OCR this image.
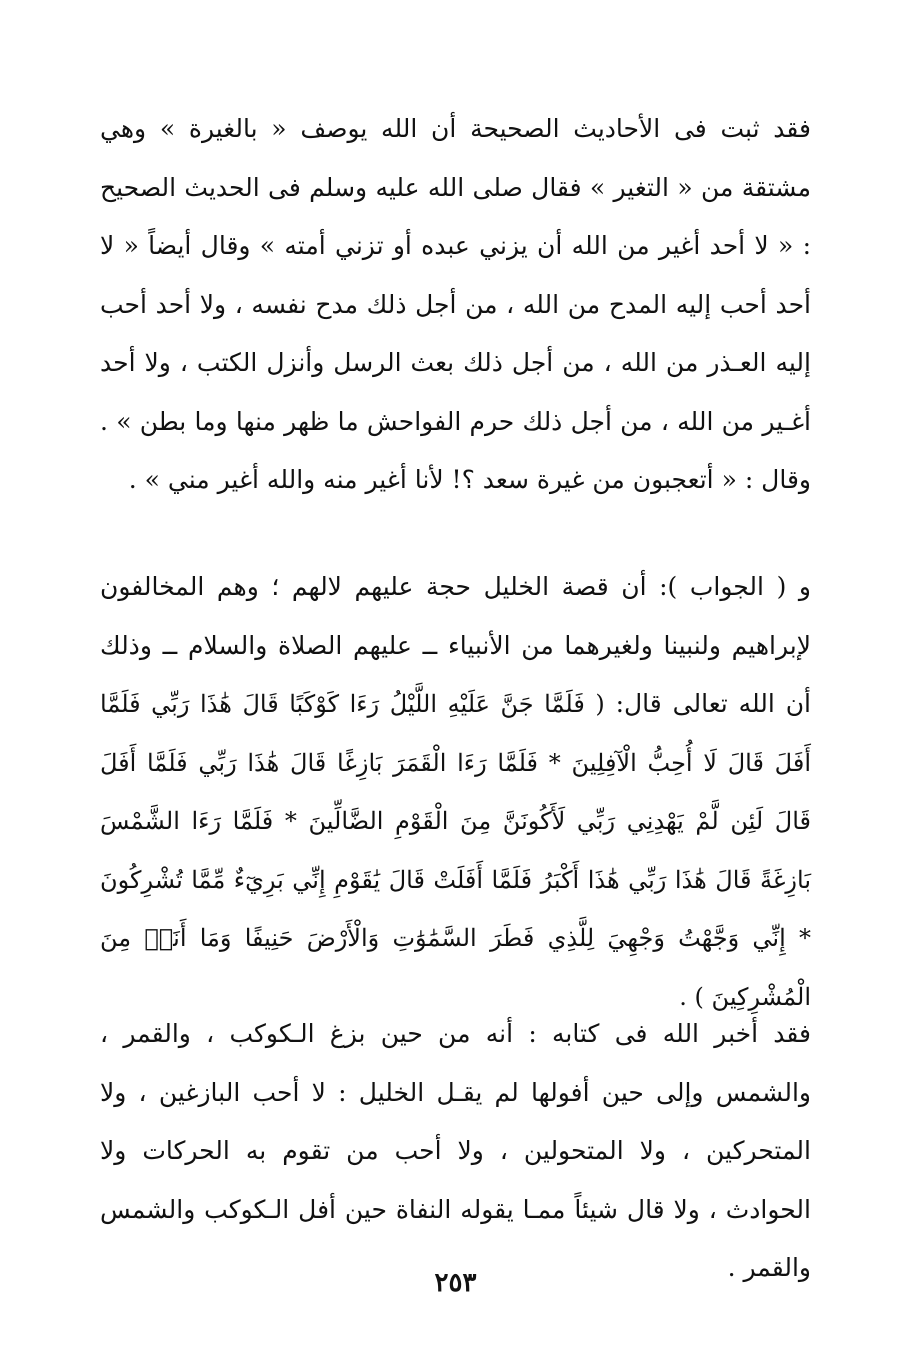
فقد ثبت فى الأحاديث الصحيحة أن الله يوصف « بالغيرة » وهي مشتقة من « التغير » فقال صلى الله عليه وسلم فى الحديث الصحيح : « لا أحد أغير من الله أن يزني عبده أو تزني أمته » وقال أيضاً « لا أحد أحب إليه المدح من الله ، من أجل ذلك مدح نفسه ، ولا أحد أحب إليه العـذر من الله ، من أجل ذلك بعث الرسل وأنزل الكتب ، ولا أحد أغـير من الله ، من أجل ذلك حرم الفواحش ما ظهر منها وما بطن » . وقال : « أتعجبون من غيرة سعد ؟! لأنا أغير منه والله أغير مني » .

و ( الجواب ): أن قصة الخليل حجة عليهم لالهم ؛ وهم المخالفون لإبراهيم ولنبينا ولغيرهما من الأنبياء ــ عليهم الصلاة والسلام ــ وذلك أن الله تعالى قال: ( فَلَمَّا جَنَّ عَلَيْهِ اللَّيْلُ رَءَا كَوْكَبًا قَالَ هَٰذَا رَبِّي فَلَمَّا أَفَلَ قَالَ لَا أُحِبُّ الْآفِلِينَ * فَلَمَّا رَءَا الْقَمَرَ بَازِغًا قَالَ هَٰذَا رَبِّي فَلَمَّا أَفَلَ قَالَ لَئِن لَّمْ يَهْدِنِي رَبِّي لَأَكُونَنَّ مِنَ الْقَوْمِ الضَّالِّينَ * فَلَمَّا رَءَا الشَّمْسَ بَازِغَةً قَالَ هَٰذَا رَبِّي هَٰذَا أَكْبَرُ فَلَمَّا أَفَلَتْ قَالَ يَٰقَوْمِ إِنِّي بَرِيٓءٌ مِّمَّا تُشْرِكُونَ * إِنِّي وَجَّهْتُ وَجْهِيَ لِلَّذِي فَطَرَ السَّمَٰوَٰتِ وَالْأَرْضَ حَنِيفًا وَمَا أَنَا۠ مِنَ الْمُشْرِكِينَ ) .

فقد أخبر الله فى كتابه : أنه من حين بزغ الـكوكب ، والقمر ، والشمس وإلى حين أفولها لم يقـل الخليل : لا أحب البازغين ، ولا المتحركين ، ولا المتحولين ، ولا أحب من تقوم به الحركات ولا الحوادث ، ولا قال شيئاً ممـا يقوله النفاة حين أفل الـكوكب والشمس والقمر .

٢٥٣
